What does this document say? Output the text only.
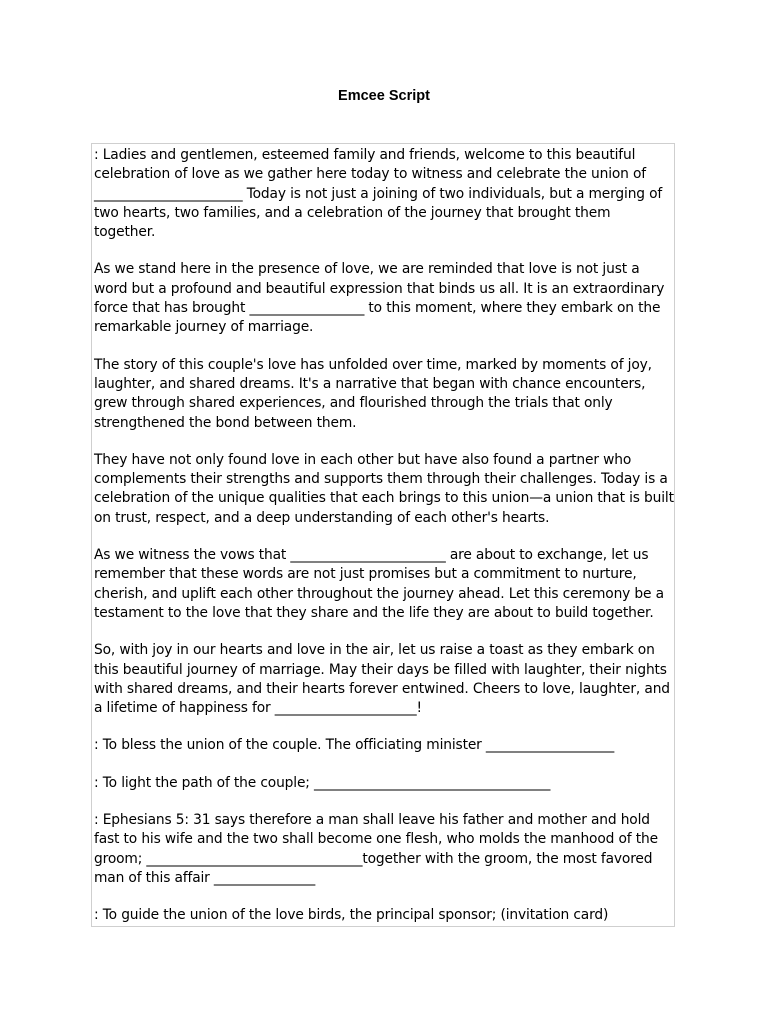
Emcee Script

: Ladies and gentlemen, esteemed family and friends, welcome to this beautiful celebration of love as we gather here today to witness and celebrate the union of ______________________ Today is not just a joining of two individuals, but a merging of two hearts, two families, and a celebration of the journey that brought them together.

As we stand here in the presence of love, we are reminded that love is not just a word but a profound and beautiful expression that binds us all. It is an extraordinary force that has brought _________________ to this moment, where they embark on the remarkable journey of marriage.

The story of this couple's love has unfolded over time, marked by moments of joy, laughter, and shared dreams. It's a narrative that began with chance encounters, grew through shared experiences, and flourished through the trials that only strengthened the bond between them.

They have not only found love in each other but have also found a partner who complements their strengths and supports them through their challenges. Today is a celebration of the unique qualities that each brings to this union—a union that is built on trust, respect, and a deep understanding of each other's hearts.

As we witness the vows that _______________________ are about to exchange, let us remember that these words are not just promises but a commitment to nurture, cherish, and uplift each other throughout the journey ahead. Let this ceremony be a testament to the love that they share and the life they are about to build together.

So, with joy in our hearts and love in the air, let us raise a toast as they embark on this beautiful journey of marriage. May their days be filled with laughter, their nights with shared dreams, and their hearts forever entwined. Cheers to love, laughter, and a lifetime of happiness for _____________________!

: To bless the union of the couple. The officiating minister ___________________

: To light the path of the couple; ___________________________________

: Ephesians 5: 31 says therefore a man shall leave his father and mother and hold fast to his wife and the two shall become one flesh, who molds the manhood of the groom; ________________________________together with the groom, the most favored man of this affair _______________

: To guide the union of the love birds, the principal sponsor; (invitation card)
